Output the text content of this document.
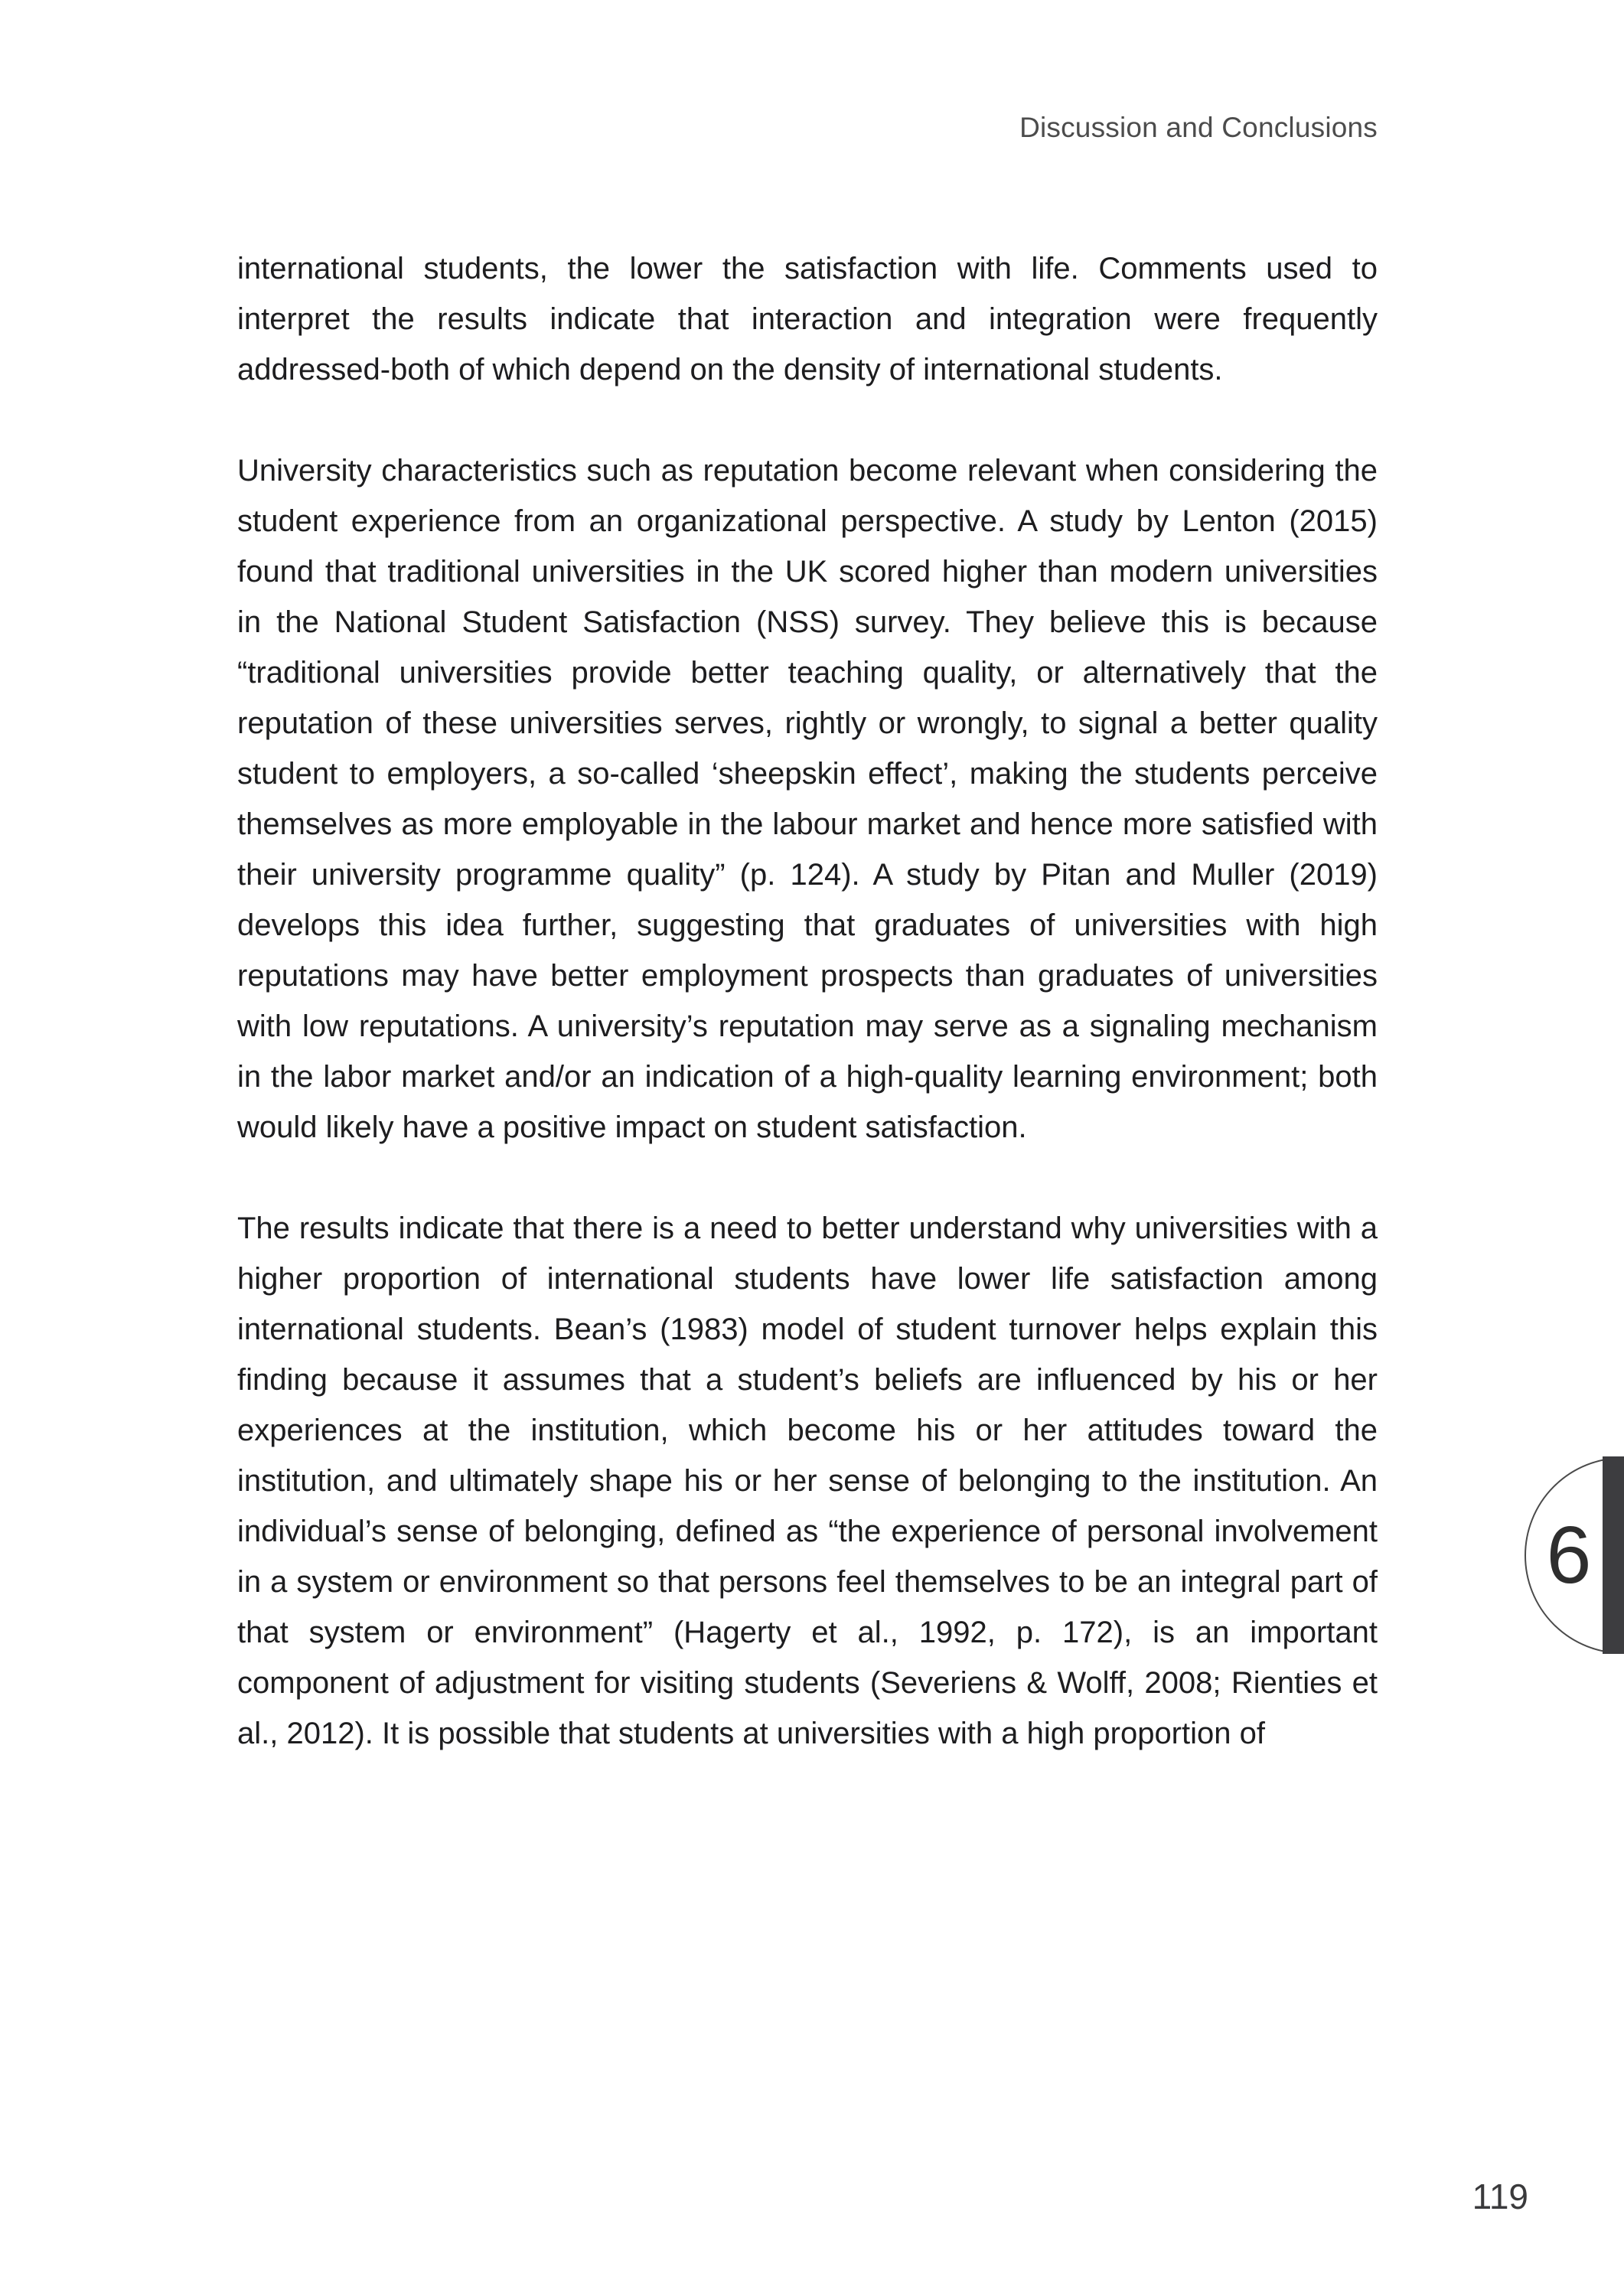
Discussion and Conclusions

international students, the lower the satisfaction with life. Comments used to interpret the results indicate that interaction and integration were frequently addressed-both of which depend on the density of international students.

University characteristics such as reputation become relevant when considering the student experience from an organizational perspective. A study by Lenton (2015) found that traditional universities in the UK scored higher than modern universities in the National Student Satisfaction (NSS) survey. They believe this is because “traditional universities provide better teaching quality, or alternatively that the reputation of these universities serves, rightly or wrongly, to signal a better quality student to employers, a so-called ‘sheepskin effect’, making the students perceive themselves as more employable in the labour market and hence more satisfied with their university programme quality” (p. 124). A study by Pitan and Muller (2019) develops this idea further, suggesting that graduates of universities with high reputations may have better employment prospects than graduates of universities with low reputations. A university’s reputation may serve as a signaling mechanism in the labor market and/or an indication of a high-quality learning environment; both would likely have a positive impact on student satisfaction.

The results indicate that there is a need to better understand why universities with a higher proportion of international students have lower life satisfaction among international students. Bean’s (1983) model of student turnover helps explain this finding because it assumes that a student’s beliefs are influenced by his or her experiences at the institution, which become his or her attitudes toward the institution, and ultimately shape his or her sense of belonging to the institution. An individual’s sense of belonging, defined as “the experience of personal involvement in a system or environment so that persons feel themselves to be an integral part of that system or environment” (Hagerty et al., 1992, p. 172), is an important component of adjustment for visiting students (Severiens & Wolff, 2008; Rienties et al., 2012). It is possible that students at universities with a high proportion of

6
119
